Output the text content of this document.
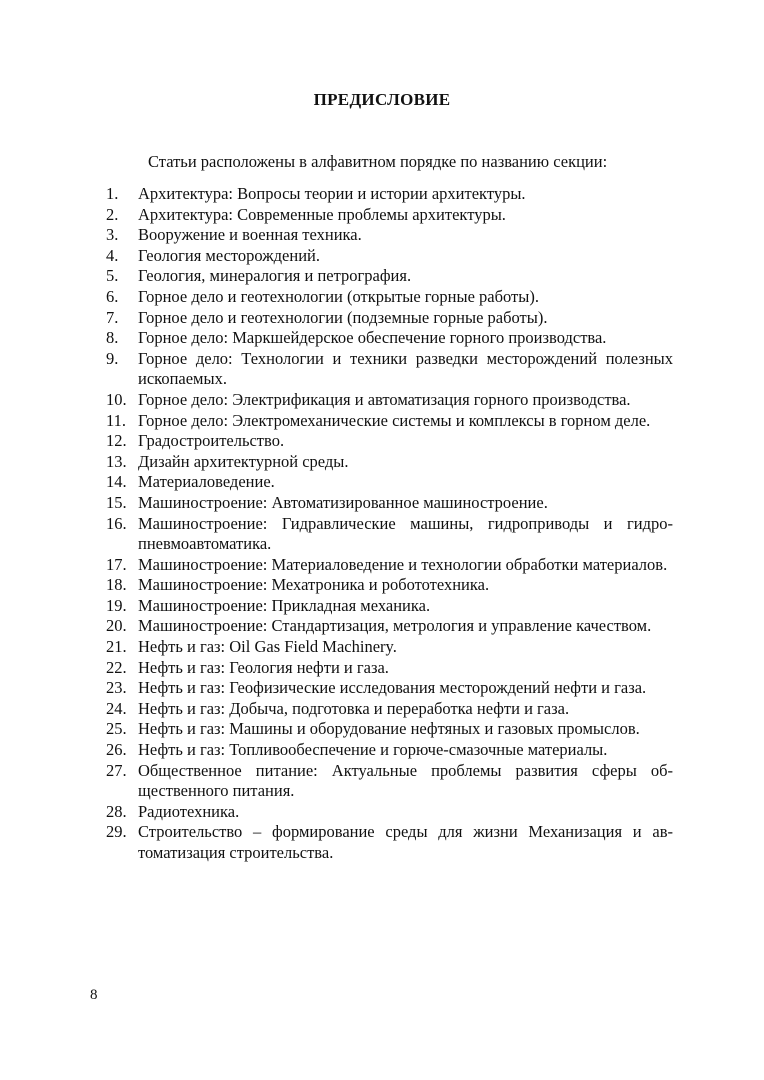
ПРЕДИСЛОВИЕ
Статьи расположены в алфавитном порядке по названию секции:
1.	Архитектура: Вопросы теории и истории архитектуры.
2.	Архитектура: Современные проблемы архитектуры.
3.	Вооружение и военная техника.
4.	Геология месторождений.
5.	Геология, минералогия и петрография.
6.	Горное дело и геотехнологии (открытые горные работы).
7.	Горное дело и геотехнологии (подземные горные работы).
8.	Горное дело: Маркшейдерское обеспечение горного производства.
9.	Горное дело: Технологии и техники разведки месторождений полезных ископаемых.
10. Горное дело: Электрификация и автоматизация горного производства.
11. Горное дело: Электромеханические системы и комплексы в горном деле.
12. Градостроительство.
13. Дизайн архитектурной среды.
14. Материаловедение.
15. Машиностроение: Автоматизированное машиностроение.
16. Машиностроение: Гидравлические машины, гидроприводы и гидропневмоавтоматика.
17. Машиностроение: Материаловедение и технологии обработки материалов.
18. Машиностроение: Мехатроника и робототехника.
19. Машиностроение: Прикладная механика.
20. Машиностроение: Стандартизация, метрология и управление качеством.
21. Нефть и газ: Oil Gas Field Machinery.
22. Нефть и газ: Геология нефти и газа.
23. Нефть и газ: Геофизические исследования месторождений нефти и газа.
24. Нефть и газ: Добыча, подготовка и переработка нефти и газа.
25. Нефть и газ: Машины и оборудование нефтяных и газовых промыслов.
26. Нефть и газ: Топливообеспечение и горюче-смазочные материалы.
27. Общественное питание: Актуальные проблемы развития сферы общественного питания.
28. Радиотехника.
29. Строительство – формирование среды для жизни Механизация и автоматизация строительства.
8
